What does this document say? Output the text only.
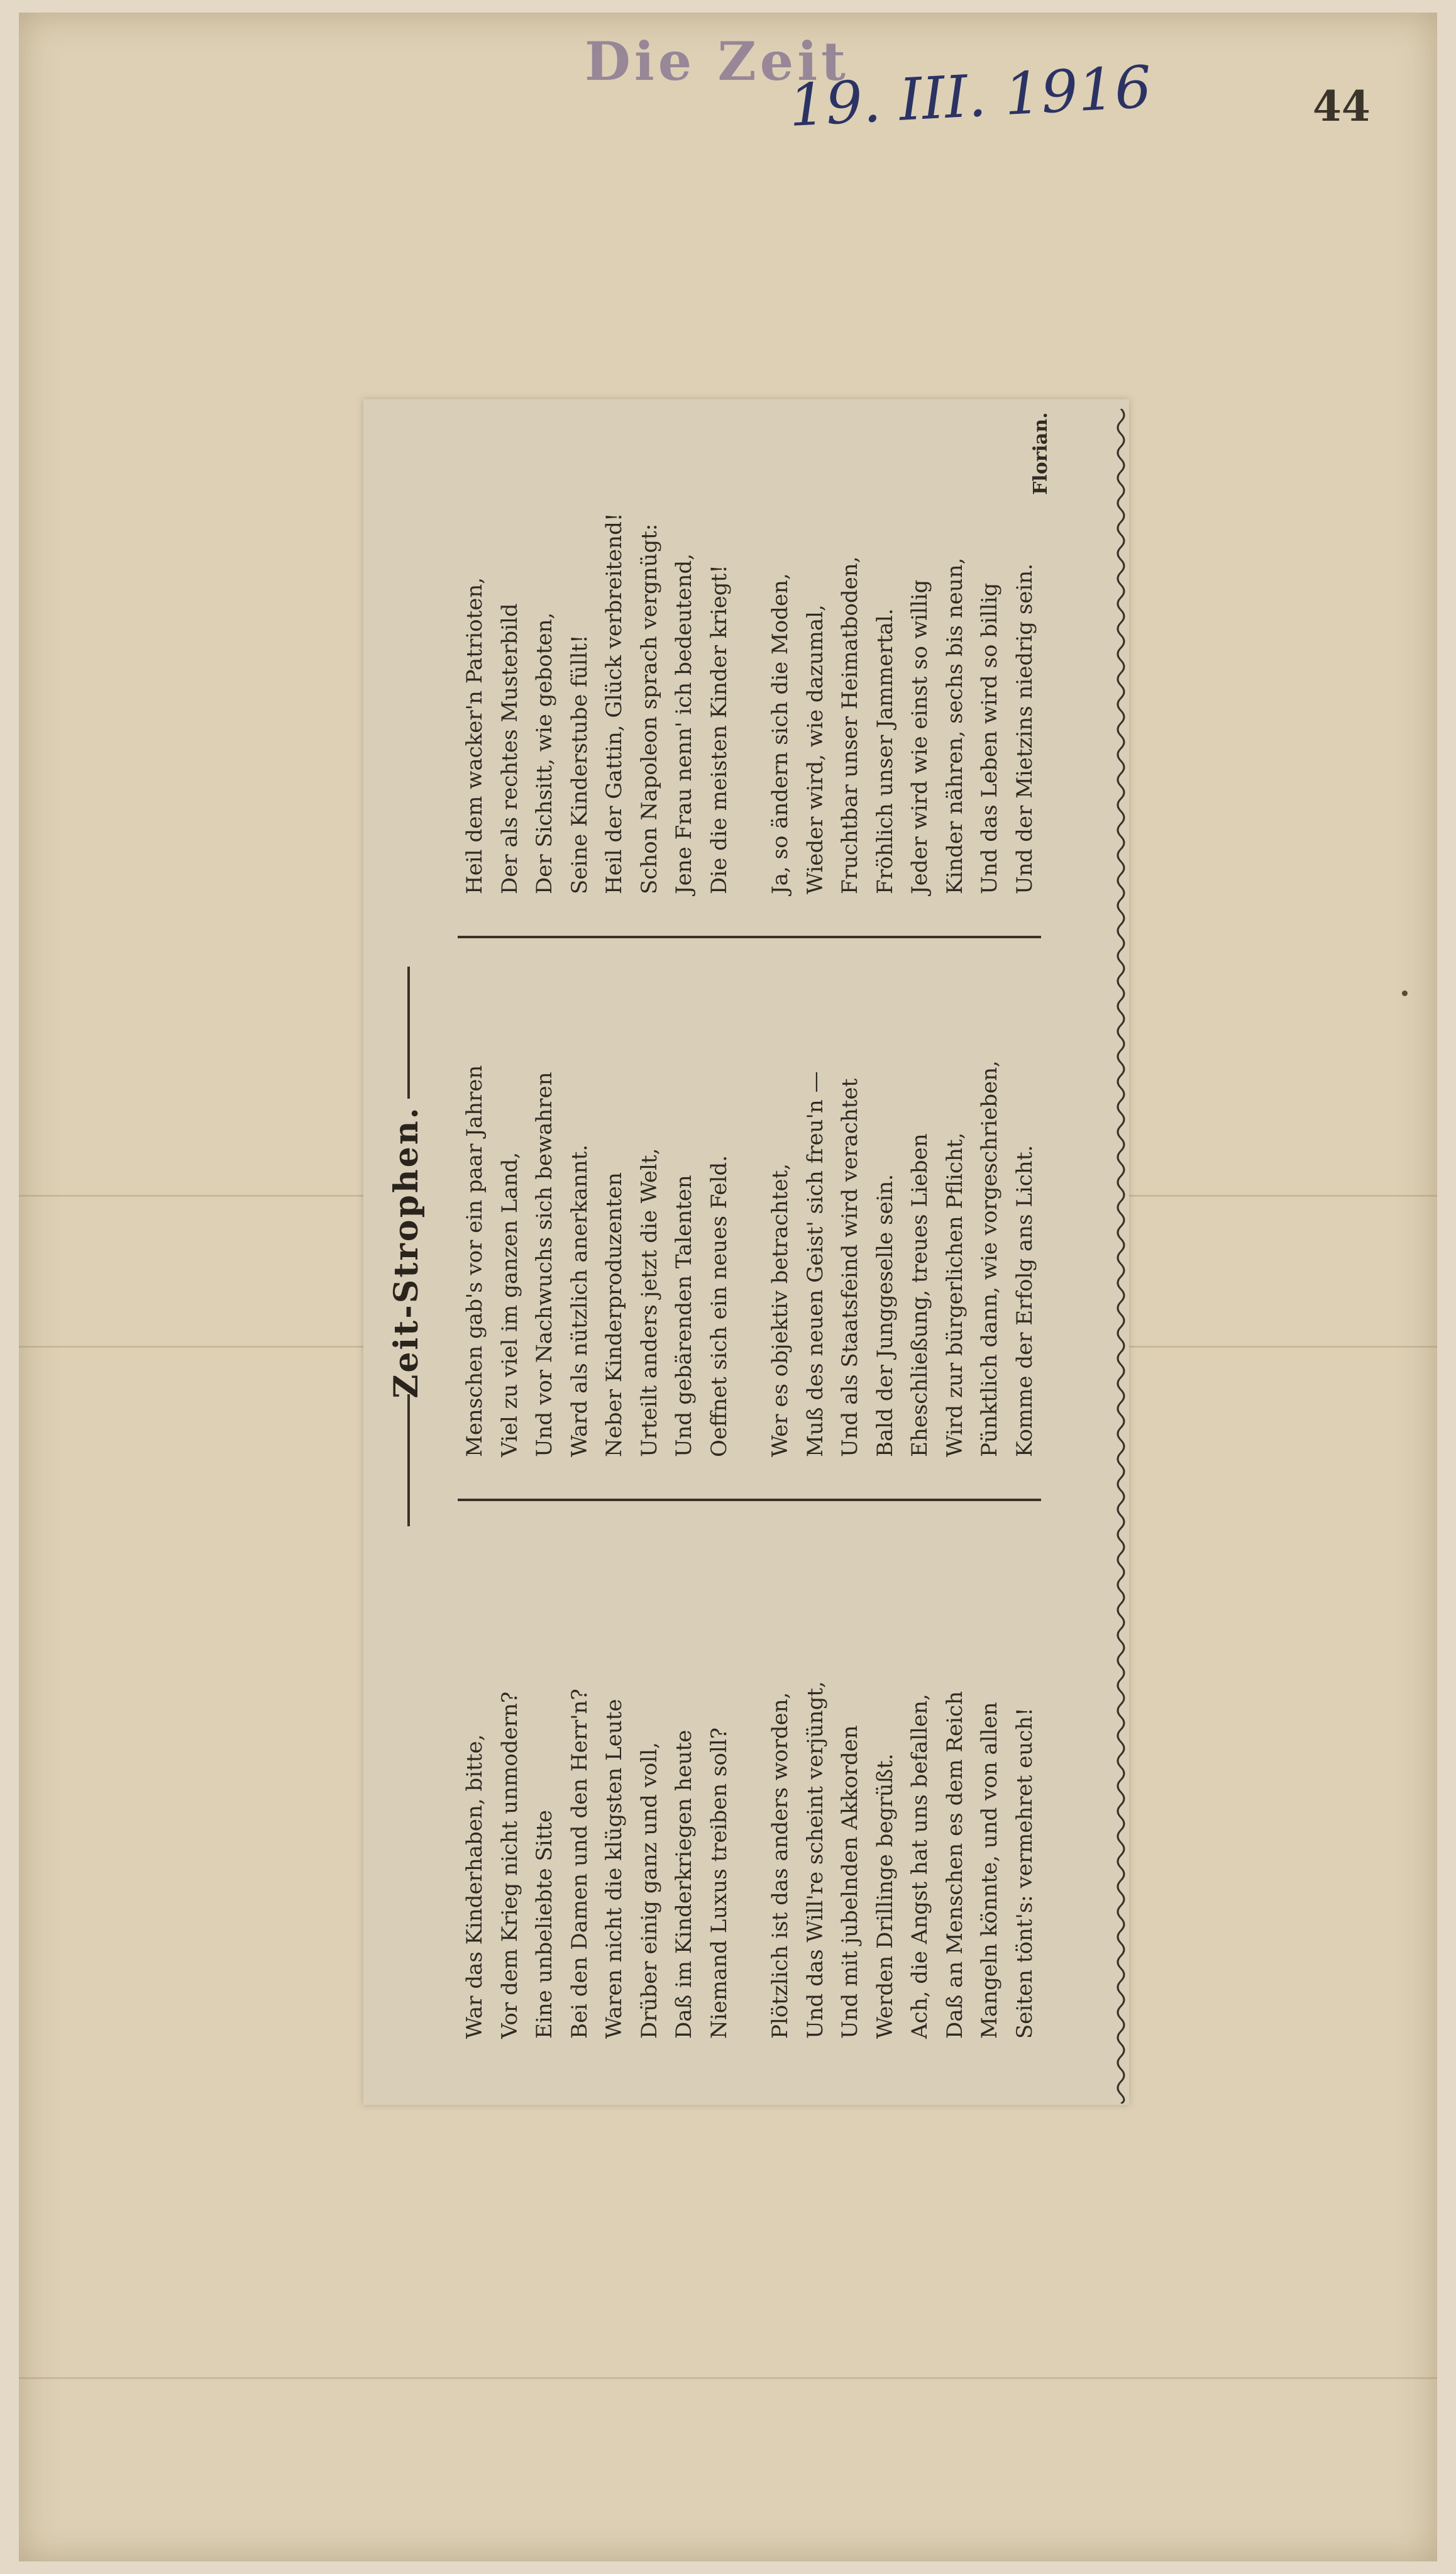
Die Zeit
19. III. 1916	44
Zeit-Strophen.
War das Kinderhaben, bitte, Vor dem Krieg nicht unmodern? Eine unbeliebte Sitte Bei den Damen und den Herr'n? Waren nicht die klügsten Leute Drüber einig ganz und voll, Daß im Kinderkriegen heute Niemand Luxus treiben soll? Plötzlich ist das anders worden, Und das Will're scheint verjüngt, Und mit jubelnden Akkorden Werden Drillinge begrüßt. Ach, die Angst hat uns befallen, Daß an Menschen es dem Reich Mangeln könnte, und von allen Seiten tönt's: vermehret euch!
Menschen gab's vor ein paar Jahren Viel zu viel im ganzen Land, Und vor Nachwuchs sich bewahren Ward als nützlich anerkannt. Neber Kinderproduzenten Urteilt anders jetzt die Welt, Und gebärenden Talenten Oeffnet sich ein neues Feld. Wer es objektiv betrachtet, Muß des neuen Geist' sich freu'n — Und als Staatsfeind wird verachtet Bald der Junggeselle sein. Eheschließung, treues Lieben Wird zur bürgerlichen Pflicht, Pünktlich dann, wie vorgeschrieben, Komme der Erfolg ans Licht.
Heil dem wacker'n Patrioten, Der als rechtes Musterbild Der Sichsitt, wie geboten, Seine Kinderstube füllt! Heil der Gattin, Glück verbreitend! Schon Napoleon sprach vergnügt: Jene Frau nenn' ich bedeutend, Die die meisten Kinder kriegt! Ja, so ändern sich die Moden, Wieder wird, wie dazumal, Fruchtbar unser Heimatboden, Fröhlich unser Jammertal. Jeder wird wie einst so willig Kinder nähren, sechs bis neun, Und das Leben wird so billig Und der Mietzins niedrig sein.
Florian.
